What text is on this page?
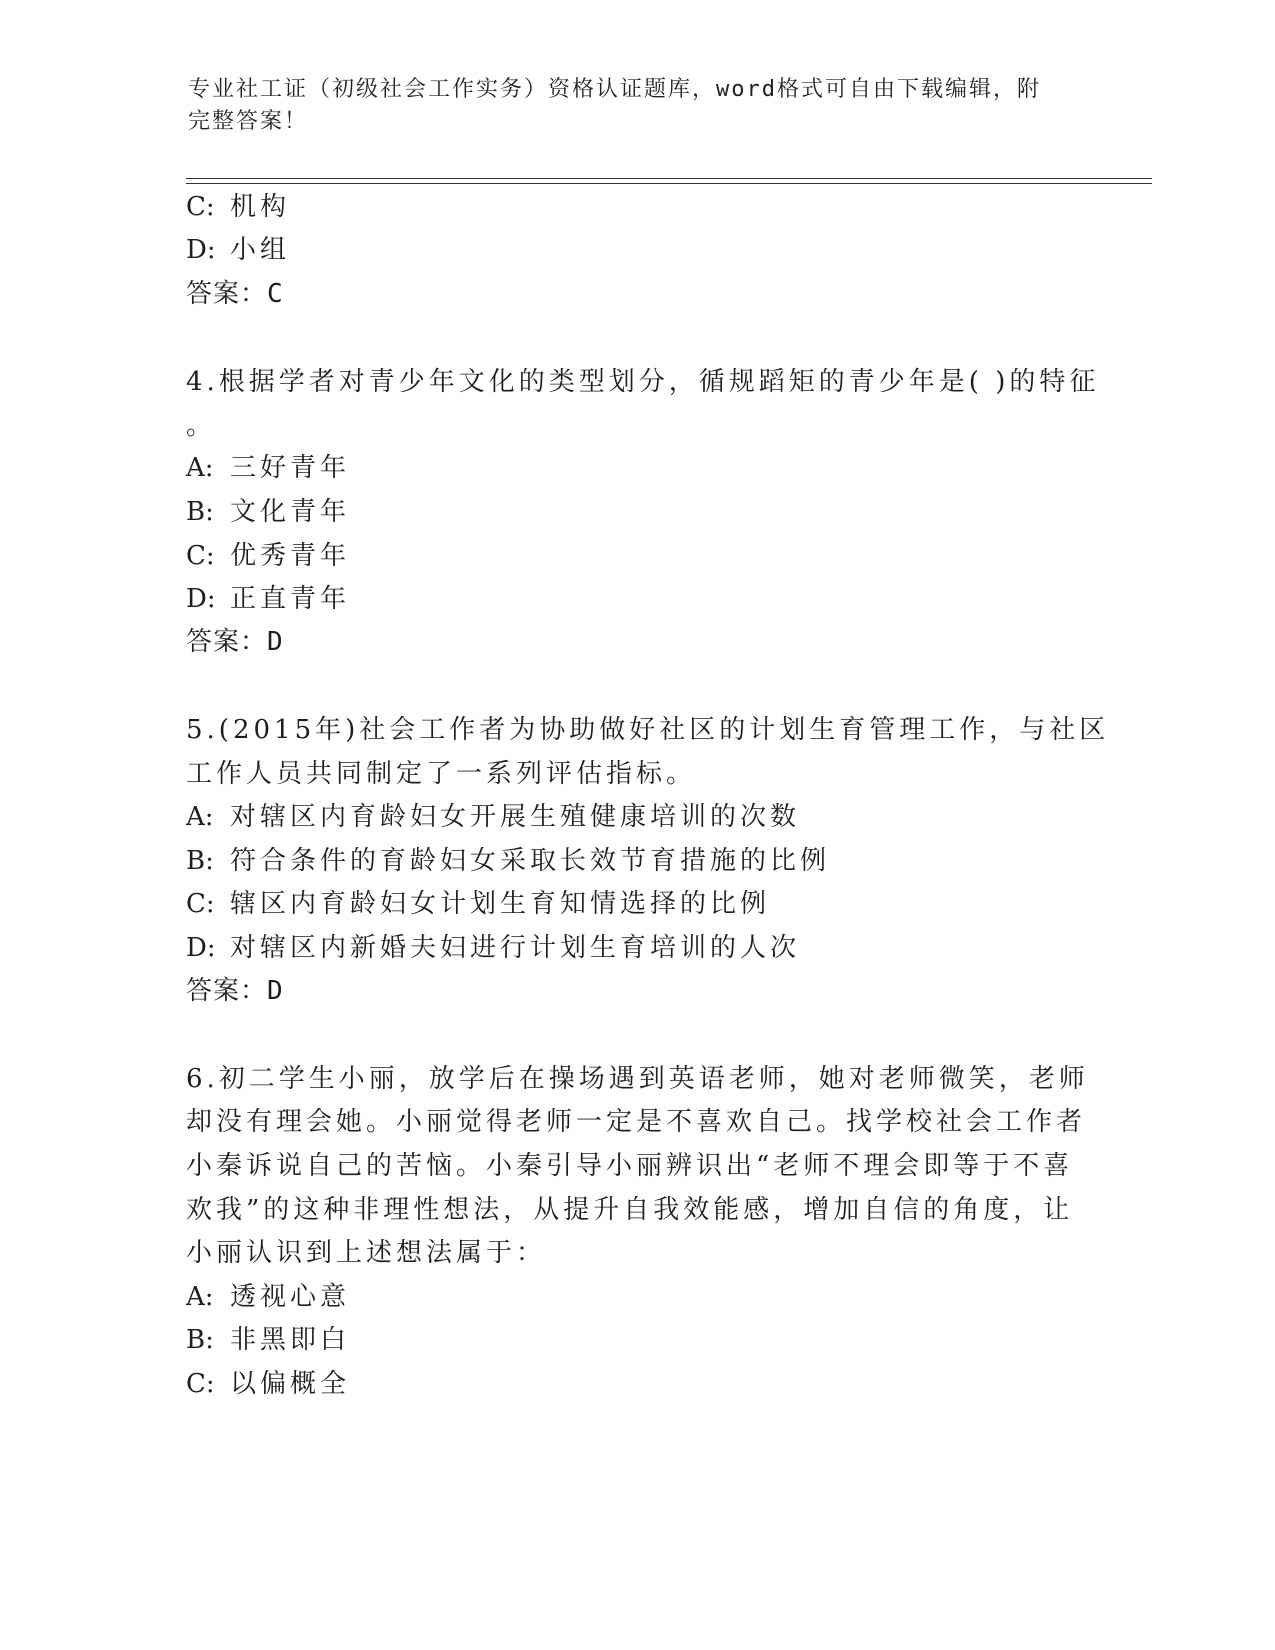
专业社工证（初级社会工作实务）资格认证题库，word格式可自由下载编辑，附
完整答案！
C: 机构
D: 小组
答案：C
4.根据学者对青少年文化的类型划分，循规蹈矩的青少年是( )的特征
。
A: 三好青年
B: 文化青年
C: 优秀青年
D: 正直青年
答案：D
5.(2015年)社会工作者为协助做好社区的计划生育管理工作，与社区
工作人员共同制定了一系列评估指标。
A: 对辖区内育龄妇女开展生殖健康培训的次数
B: 符合条件的育龄妇女采取长效节育措施的比例
C: 辖区内育龄妇女计划生育知情选择的比例
D: 对辖区内新婚夫妇进行计划生育培训的人次
答案：D
6.初二学生小丽，放学后在操场遇到英语老师，她对老师微笑，老师
却没有理会她。小丽觉得老师一定是不喜欢自己。找学校社会工作者
小秦诉说自己的苦恼。小秦引导小丽辨识出“老师不理会即等于不喜
欢我”的这种非理性想法，从提升自我效能感，增加自信的角度，让
小丽认识到上述想法属于：
A: 透视心意
B: 非黑即白
C: 以偏概全
